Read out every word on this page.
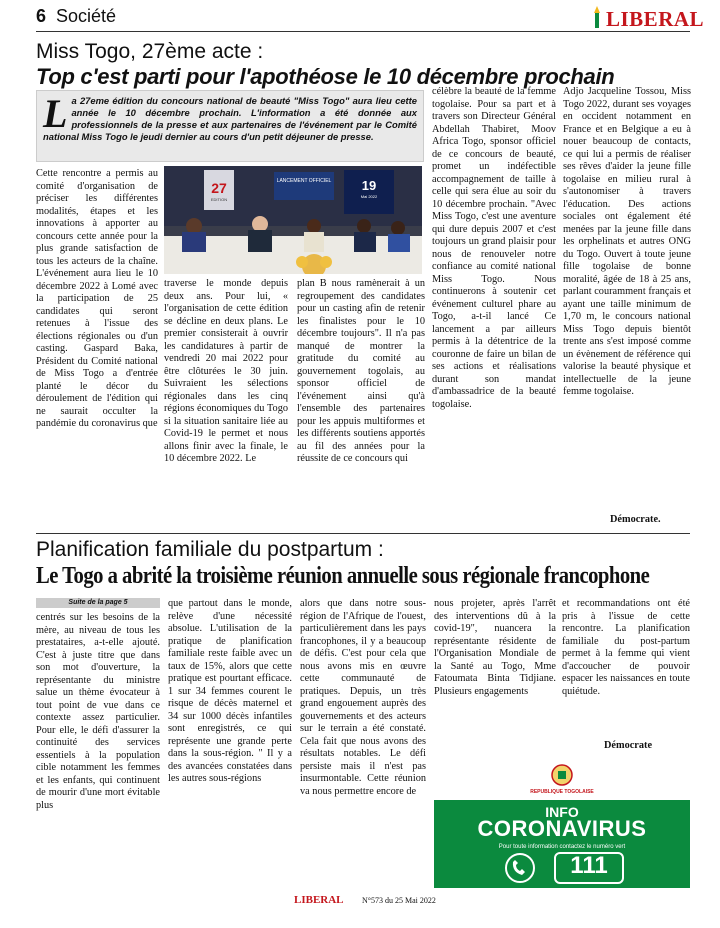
6 Société	LIBERAL
Miss Togo, 27ème acte :
Top c'est parti pour l'apothéose le 10 décembre prochain
L a 27eme édition du concours national de beauté "Miss Togo" aura lieu cette année le 10 décembre prochain. L'information a été donnée aux professionnels de la presse et aux partenaires de l'événement par le Comité national Miss Togo le jeudi dernier au cours d'un petit déjeuner de presse.
Cette rencontre a permis au comité d'organisation de préciser les différentes modalités, étapes et les innovations à apporter au concours cette année pour la plus grande satisfaction de tous les acteurs de la chaîne. L'événement aura lieu le 10 décembre 2022 à Lomé avec la participation de 25 candidates qui seront retenues à l'issue des élections régionales ou d'un casting. Gaspard Baka, Président du Comité national de Miss Togo a d'entrée planté le décor du déroulement de l'édition qui ne saurait occulter la pandémie du coronavirus que
LANCEMENT OFFICIEL
27
EDITION
19
Mai 2022
traverse le monde depuis deux ans. Pour lui, « l'organisation de cette édition se décline en deux plans. Le premier consisterait à ouvrir les candidatures à partir de vendredi 20 mai 2022 pour être clôturées le 30 juin. Suivraient les sélections régionales dans les cinq régions économiques du Togo si la situation sanitaire liée au Covid-19 le permet et nous allons finir avec la finale, le 10 décembre 2022. Le
plan B nous ramènerait à un regroupement des candidates pour un casting afin de retenir les finalistes pour le 10 décembre toujours". Il n'a pas manqué de montrer la gratitude du comité au gouvernement togolais, au sponsor officiel de l'événement ainsi qu'à l'ensemble des partenaires pour les appuis multiformes et les différents soutiens apportés au fil des années pour la réussite de ce concours qui
célèbre la beauté de la femme togolaise. Pour sa part et à travers son Directeur Général Abdellah Thabiret, Moov Africa Togo, sponsor officiel de ce concours de beauté, promet un indéfectible accompagnement de taille à celle qui sera élue au soir du 10 décembre prochain. "Avec Miss Togo, c'est une aventure qui dure depuis 2007 et c'est toujours un grand plaisir pour nous de renouveler notre confiance au comité national Miss Togo. Nous continuerons à soutenir cet événement culturel phare au Togo, a-t-il lancé Ce lancement a par ailleurs permis à la détentrice de la couronne de faire un bilan de ses actions et réalisations durant son mandat d'ambassadrice de la beauté togolaise.
Adjo Jacqueline Tossou, Miss Togo 2022, durant ses voyages en occident notamment en France et en Belgique a eu à nouer beaucoup de contacts, ce qui lui a permis de réaliser ses rêves d'aider la jeune fille togolaise en milieu rural à s'autonomiser à travers l'éducation. Des actions sociales ont également été menées par la jeune fille dans les orphelinats et autres ONG du Togo. Ouvert à toute jeune fille togolaise de bonne moralité, âgée de 18 à 25 ans, parlant couramment français et ayant une taille minimum de 1,70 m, le concours national Miss Togo depuis bientôt trente ans s'est imposé comme un évènement de référence qui valorise la beauté physique et intellectuelle de la jeune femme togolaise.
Démocrate.
Planification familiale du postpartum :
Le Togo a abrité la troisième réunion annuelle sous régionale francophone
Suite de la page 5
centrés sur les besoins de la mère, au niveau de tous les prestataires, a-t-elle ajouté. C'est à juste titre que dans son mot d'ouverture, la représentante du ministre salue un thème évocateur à tout point de vue dans ce contexte assez particulier. Pour elle, le défi d'assurer la continuité des services essentiels à la population cible notamment les femmes et les enfants, qui continuent de mourir d'une mort évitable plus
que partout dans le monde, relève d'une nécessité absolue. L'utilisation de la pratique de planification familiale reste faible avec un taux de 15%, alors que cette pratique est pourtant efficace. 1 sur 34 femmes courent le risque de décès maternel et 34 sur 1000 décès infantiles sont enregistrés, ce qui représente une grande perte dans la sous-région. " Il y a des avancées constatées dans les autres sous-régions
alors que dans notre sous-région de l'Afrique de l'ouest, particulièrement dans les pays francophones, il y a beaucoup de défis. C'est pour cela que nous avons mis en œuvre cette communauté de pratiques. Depuis, un très grand engouement auprès des gouvernements et des acteurs sur le terrain a été constaté. Cela fait que nous avons des résultats notables. Le défi persiste mais il n'est pas insurmontable. Cette réunion va nous permettre encore de
nous projeter, après l'arrêt des interventions dû à la covid-19", nuancera la représentante résidente de l'Organisation Mondiale de la Santé au Togo, Mme Fatoumata Binta Tidjiane. Plusieurs engagements
et recommandations ont été pris à l'issue de cette rencontre. La planification familiale du post-partum permet à la femme qui vient d'accoucher de pouvoir espacer les naissances en toute quiétude.
Démocrate
REPUBLIQUE TOGOLAISE
INFO
CORONAVIRUS
Pour toute information contactez le numéro vert
111
LIBERAL N°573 du 25 Mai 2022
